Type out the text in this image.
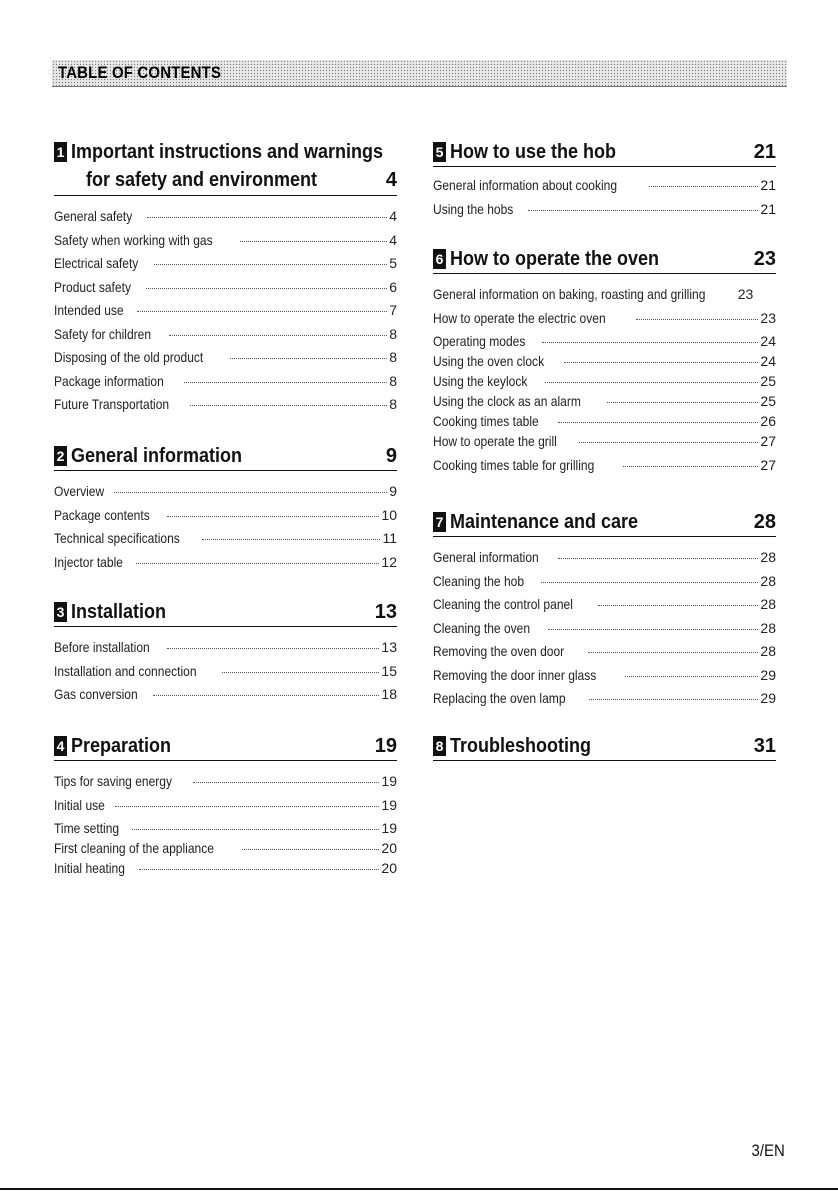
TABLE OF CONTENTS
1 Important instructions and warnings
for safety and environment	4
General safety	4
Safety when working with gas	4
Electrical safety	5
Product safety	6
Intended use	7
Safety for children	8
Disposing of the old product	8
Package information	8
Future Transportation	8
2 General information	9
Overview	9
Package contents	10
Technical specifications	11
Injector table	12
3 Installation	13
Before installation	13
Installation and connection	15
Gas conversion	18
4 Preparation	19
Tips for saving energy	19
Initial use	19
Time setting	19
First cleaning of the appliance	20
Initial heating	20
5 How to use the hob	21
General information about cooking	21
Using the hobs	21
6 How to operate the oven	23
General information on baking, roasting and grilling 23
How to operate the electric oven	23
Operating modes	24
Using the oven clock	24
Using the keylock	25
Using the clock as an alarm	25
Cooking times table	26
How to operate the grill	27
Cooking times table for grilling	27
7 Maintenance and care	28
General information	28
Cleaning the hob	28
Cleaning the control panel	28
Cleaning the oven	28
Removing the oven door	28
Removing the door inner glass	29
Replacing the oven lamp	29
8 Troubleshooting	31
3/EN
